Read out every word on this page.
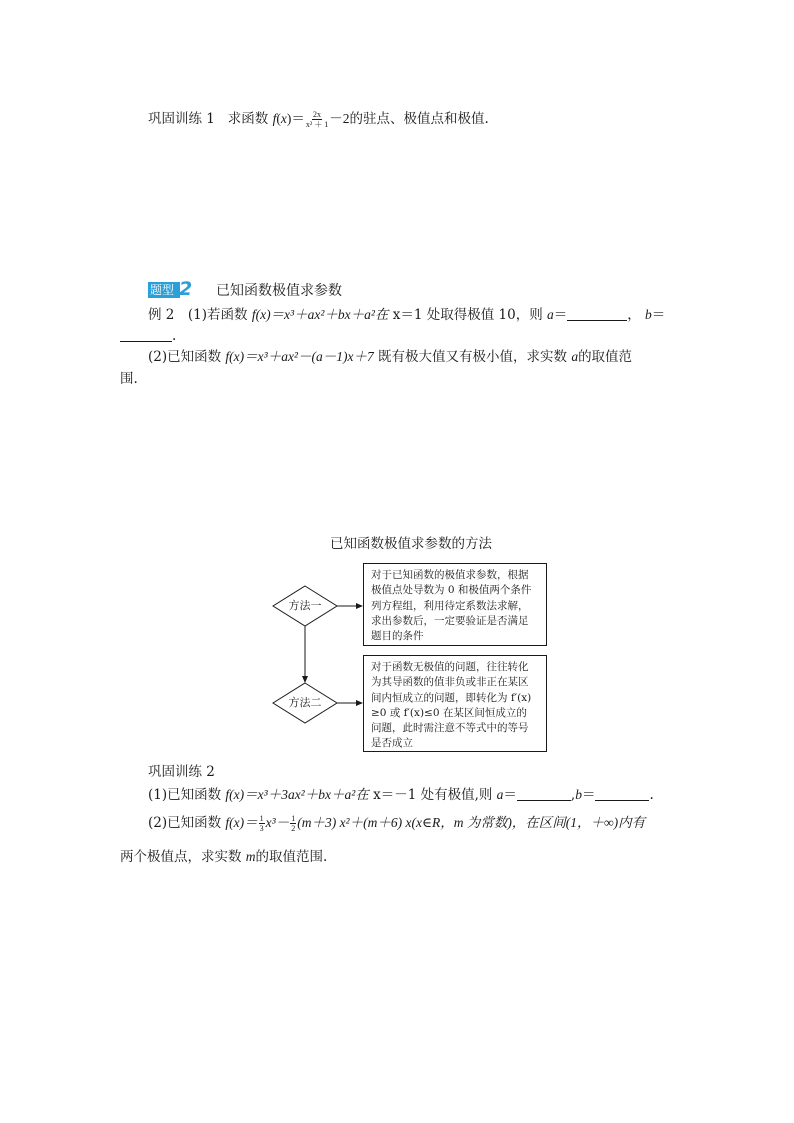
巩固训练 1 求函数 $f(x)= \frac{2x}{\text{x² ＋ 1}} -2$的驻点、极值点和极值.
题型 2 已知函数极值求参数
例 2　(1)若函数 f(x)＝x³＋ax²＋bx＋a²在 x＝1 处取得极值 10，则 a＝	， b＝
.
(2)已知函数 f(x)＝x³＋ax²－(a－1)x＋7 既有极大值又有极小值，求实数 a的取值范
围.
已知函数极值求参数的方法
方法一
方法二
对于已知函数的极值求参数，根据
极值点处导数为 0 和极值两个条件
列方程组，利用待定系数法求解，
求出参数后，一定要验证是否满足
题目的条件
对于函数无极值的问题，往往转化
为其导函数的值非负或非正在某区
间内恒成立的问题，即转化为 f′(x)
≥0 或 f′(x)≤0 在某区间恒成立的
问题，此时需注意不等式中的等号
是否成立
巩固训练 2
(1)已知函数 f(x)＝x³＋3ax²＋bx＋a²在 x＝－1 处有极值,则 a＝	,b＝	.
(2)已知函数 $f(x)= \frac{1}{3} x^3- \frac{1}{2} (m+3)$ x²＋(m＋6) x(x∈R，m 为常数)，在区间(1，＋∞)内有
两个极值点，求实数 m的取值范围.
